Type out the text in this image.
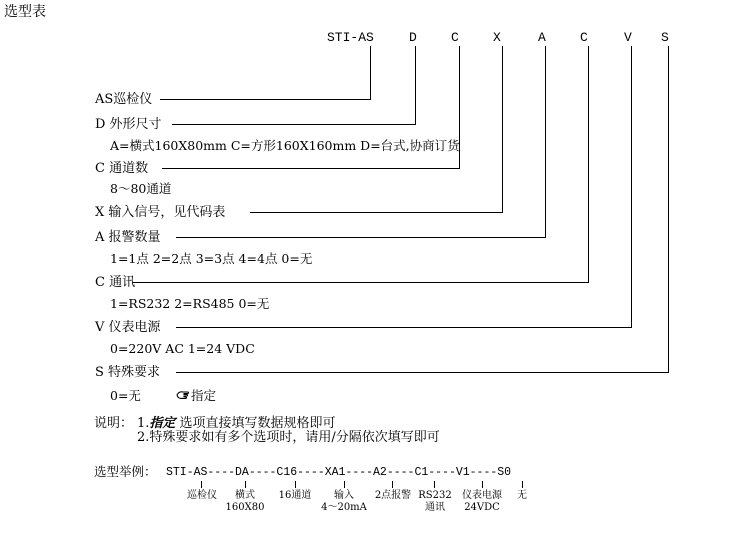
选型表
STI-AS	D	C	X	A	C	V S
AS巡检仪
D 外形尺寸
A=横式160X80mm C=方形160X160mm D=台式,协商订货
C 通道数
8～80通道
X 输入信号，见代码表
A 报警数量
1=1点 2=2点 3=3点 4=4点 0=无
C 通讯
1=RS232 2=RS485 0=无
V 仪表电源
0=220V AC 1=24 VDC
S 特殊要求
0=无	指定
说明： 1.指定 选项直接填写数据规格即可
2.特殊要求如有多个选项时，请用/分隔依次填写即可
选型举例： STI-AS----DA----C16----XA1----A2----C1----V1----S0
巡检仪	横式
160X80
16通道	输入
4～20mA
2点报警 RS232
通讯
仪表电源
24VDC
无
